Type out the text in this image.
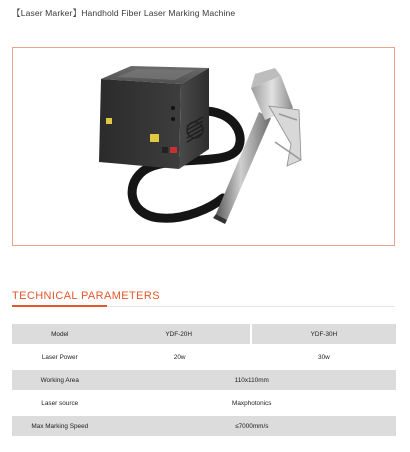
【Laser Marker】Handhold Fiber Laser Marking Machine
TECHNICAL PARAMETERS
Model	YDF-20H	YDF-30H
Laser Power	20w	30w
Working Area	110x110mm	
Laser source	Maxphotonics	
Max Marking Speed	≤7000mm/s	
